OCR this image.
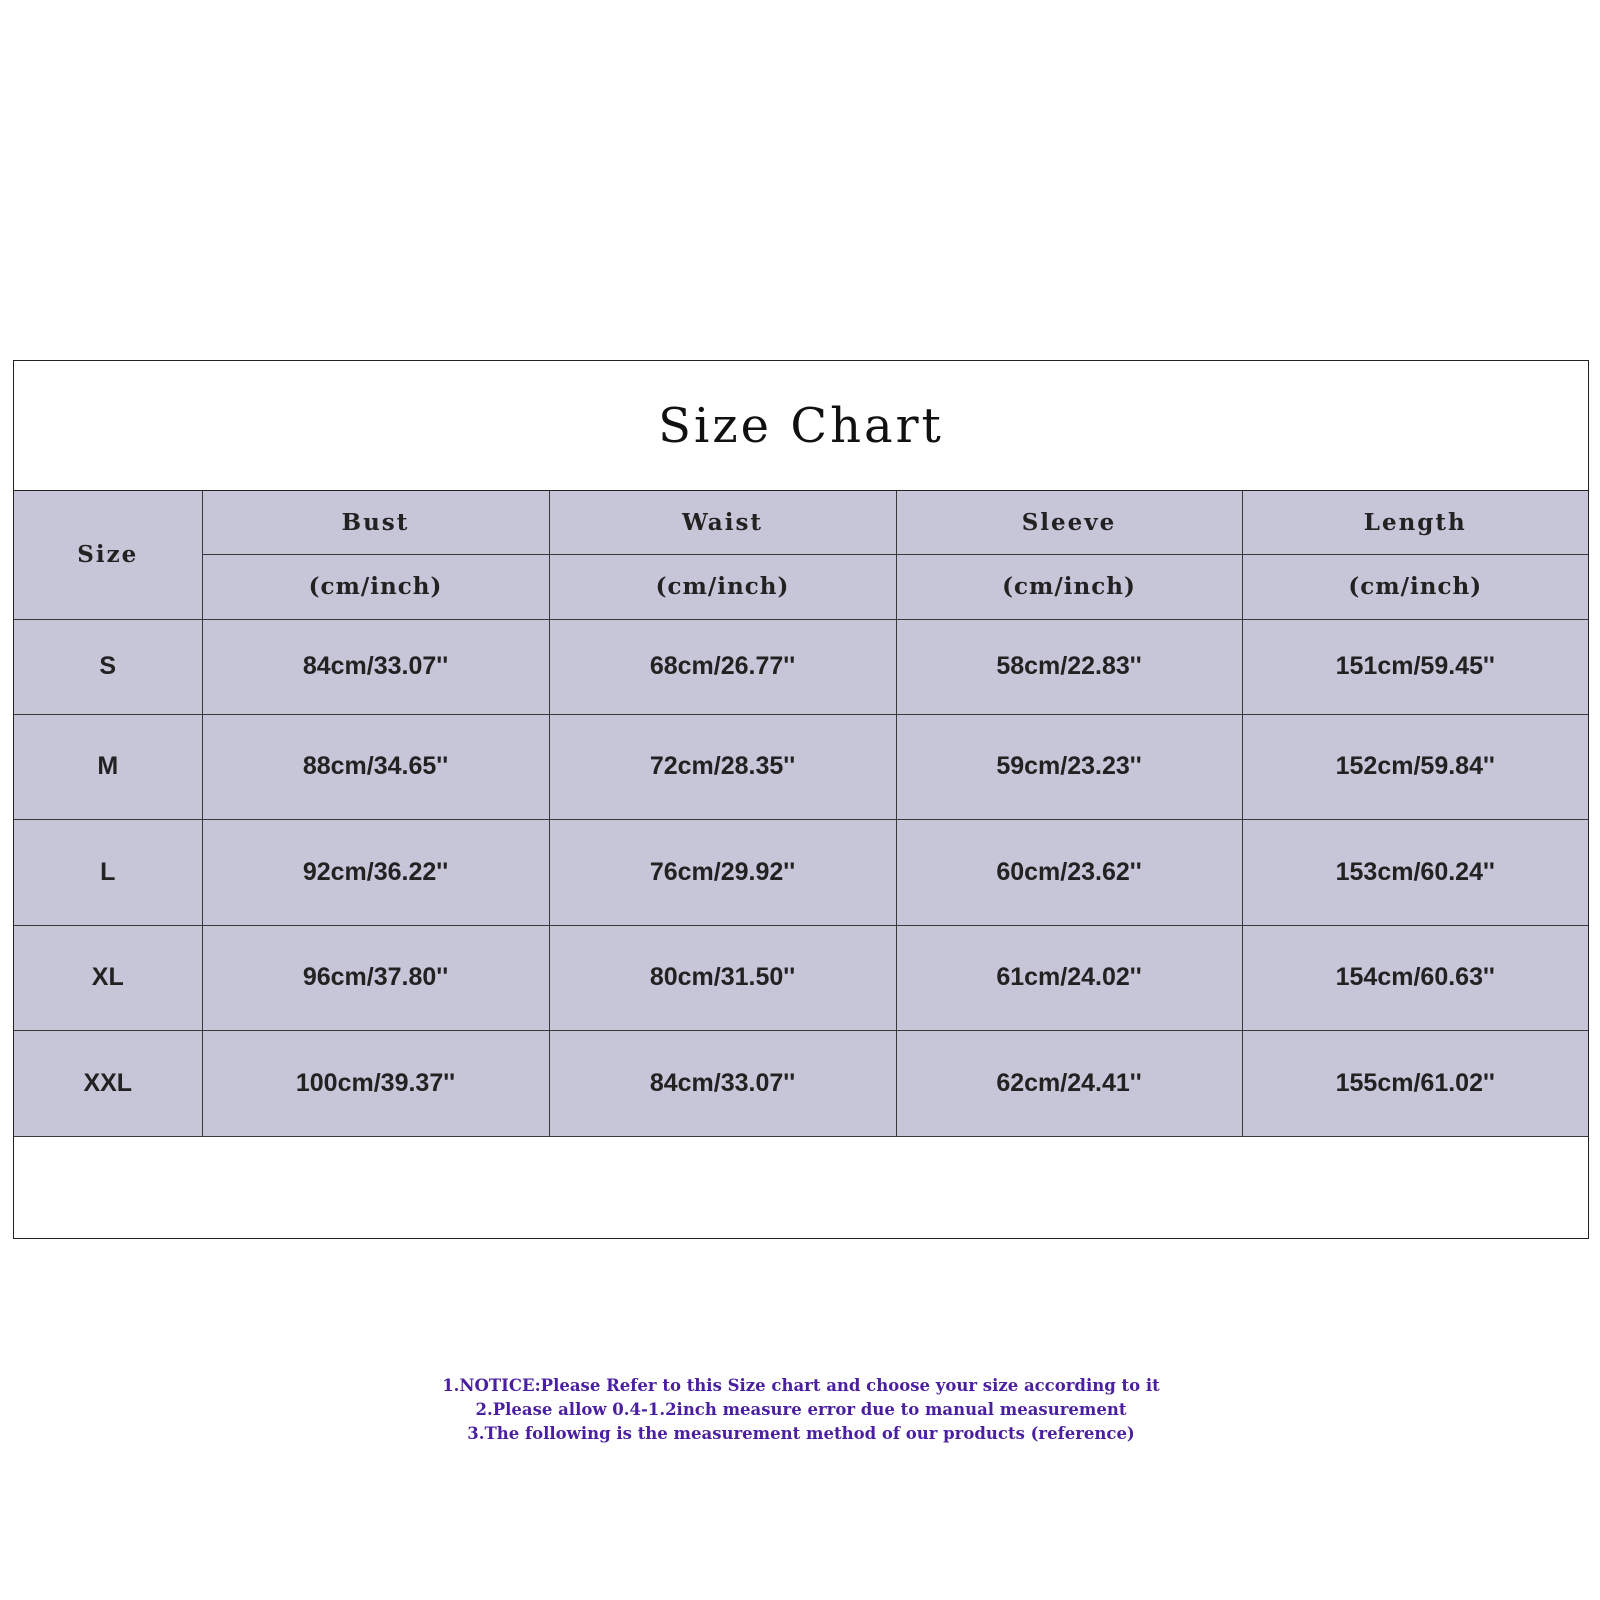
Size Chart
Size	Bust	Waist	Sleeve	Length
	(cm/inch)	(cm/inch)	(cm/inch)	(cm/inch)
S	84cm/33.07''	68cm/26.77''	58cm/22.83''	151cm/59.45''
M	88cm/34.65''	72cm/28.35''	59cm/23.23''	152cm/59.84''
L	92cm/36.22''	76cm/29.92''	60cm/23.62''	153cm/60.24''
XL	96cm/37.80''	80cm/31.50''	61cm/24.02''	154cm/60.63''
XXL	100cm/39.37''	84cm/33.07''	62cm/24.41''	155cm/61.02''
1.NOTICE:Please Refer to this Size chart and choose your size according to it
2.Please allow 0.4-1.2inch measure error due to manual measurement
3.The following is the measurement method of our products (reference)
